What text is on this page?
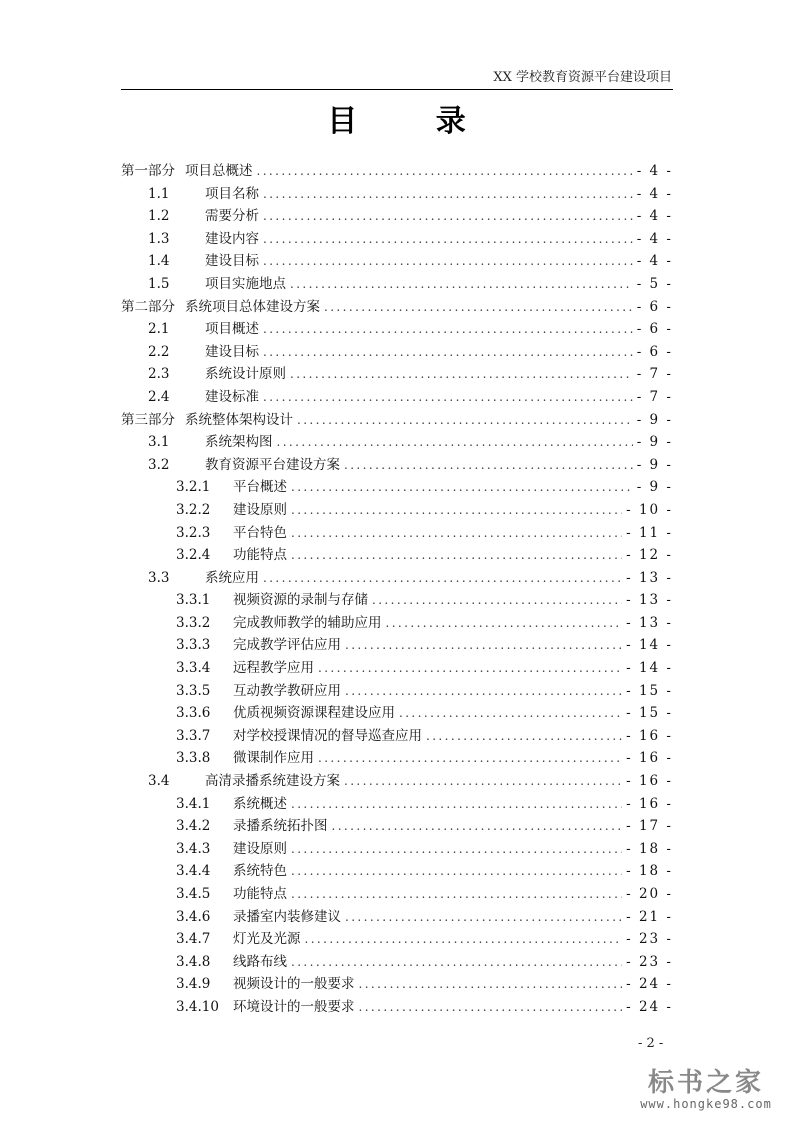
XX 学校教育资源平台建设项目
目 录
第一部分 项目总概述 .....	- 4 -
1.1	项目名称 .....	- 4 -
1.2	需要分析 .....	- 4 -
1.3	建设内容 .....	- 4 -
1.4	建设目标 .....	- 4 -
1.5	项目实施地点 .....	- 5 -
第二部分 系统项目总体建设方案 .....	- 6 -
2.1	项目概述 .....	- 6 -
2.2	建设目标 .....	- 6 -
2.3	系统设计原则 .....	- 7 -
2.4	建设标准 .....	- 7 -
第三部分 系统整体架构设计 .....	- 9 -
3.1	系统架构图 .....	- 9 -
3.2	教育资源平台建设方案 .....	- 9 -
3.2.1	平台概述 .....	- 9 -
3.2.2	建设原则 .....	- 10 -
3.2.3	平台特色 .....	- 11 -
3.2.4	功能特点 .....	- 12 -
3.3	系统应用 .....	- 13 -
3.3.1	视频资源的录制与存储 .....	- 13 -
3.3.2	完成教师教学的辅助应用 .....	- 13 -
3.3.3	完成教学评估应用 .....	- 14 -
3.3.4	远程教学应用 .....	- 14 -
3.3.5	互动教学教研应用 .....	- 15 -
3.3.6	优质视频资源课程建设应用 .....	- 15 -
3.3.7	对学校授课情况的督导巡查应用 .....	- 16 -
3.3.8	微课制作应用 .....	- 16 -
3.4	高清录播系统建设方案 .....	- 16 -
3.4.1	系统概述 .....	- 16 -
3.4.2	录播系统拓扑图 .....	- 17 -
3.4.3	建设原则 .....	- 18 -
3.4.4	系统特色 .....	- 18 -
3.4.5	功能特点 .....	- 20 -
3.4.6	录播室内装修建议 .....	- 21 -
3.4.7	灯光及光源 .....	- 23 -
3.4.8	线路布线 .....	- 23 -
3.4.9	视频设计的一般要求 .....	- 24 -
3.4.10	环境设计的一般要求 .....	- 24 -
- 2 -
标书之家
www.hongke98.com
